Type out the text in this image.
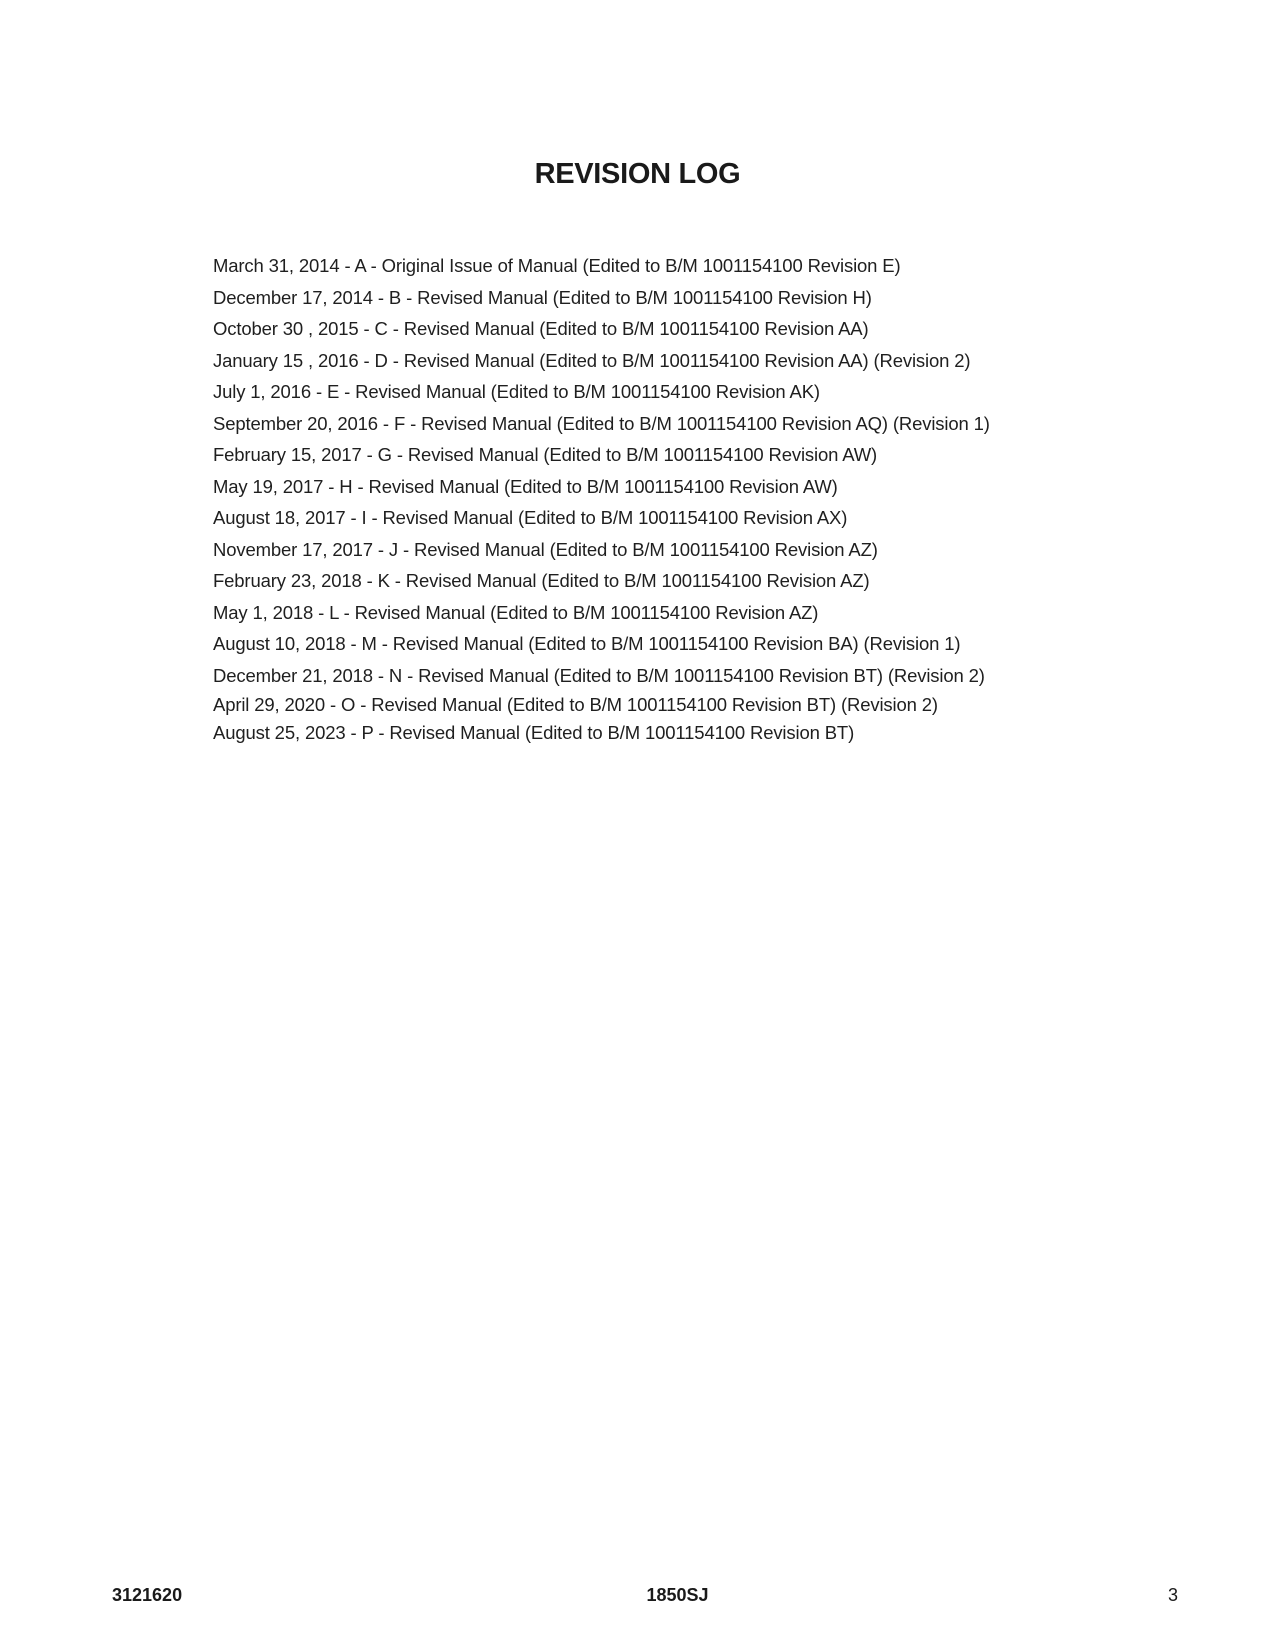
REVISION LOG
March 31, 2014 - A - Original Issue of Manual (Edited to B/M 1001154100 Revision E)
December 17, 2014 - B - Revised Manual (Edited to B/M 1001154100 Revision H)
October 30 , 2015 - C - Revised Manual (Edited to B/M 1001154100 Revision AA)
January 15 , 2016 - D - Revised Manual (Edited to B/M 1001154100 Revision AA) (Revision 2)
July 1, 2016 - E - Revised Manual (Edited to B/M 1001154100 Revision AK)
September 20, 2016 - F - Revised Manual (Edited to B/M 1001154100 Revision AQ) (Revision 1)
February 15, 2017 - G - Revised Manual (Edited to B/M 1001154100 Revision AW)
May 19, 2017 - H - Revised Manual (Edited to B/M 1001154100 Revision AW)
August 18, 2017 - I - Revised Manual (Edited to B/M 1001154100 Revision AX)
November 17, 2017 - J - Revised Manual (Edited to B/M 1001154100 Revision AZ)
February 23, 2018 - K - Revised Manual (Edited to B/M 1001154100 Revision AZ)
May 1, 2018 - L - Revised Manual (Edited to B/M 1001154100 Revision AZ)
August 10, 2018 - M - Revised Manual (Edited to B/M 1001154100 Revision BA) (Revision 1)
December 21, 2018 - N - Revised Manual (Edited to B/M 1001154100 Revision BT) (Revision 2)
April 29, 2020 - O - Revised Manual (Edited to B/M 1001154100 Revision BT) (Revision 2)
August 25, 2023 - P - Revised Manual (Edited to B/M 1001154100 Revision BT)
3121620	1850SJ	3
